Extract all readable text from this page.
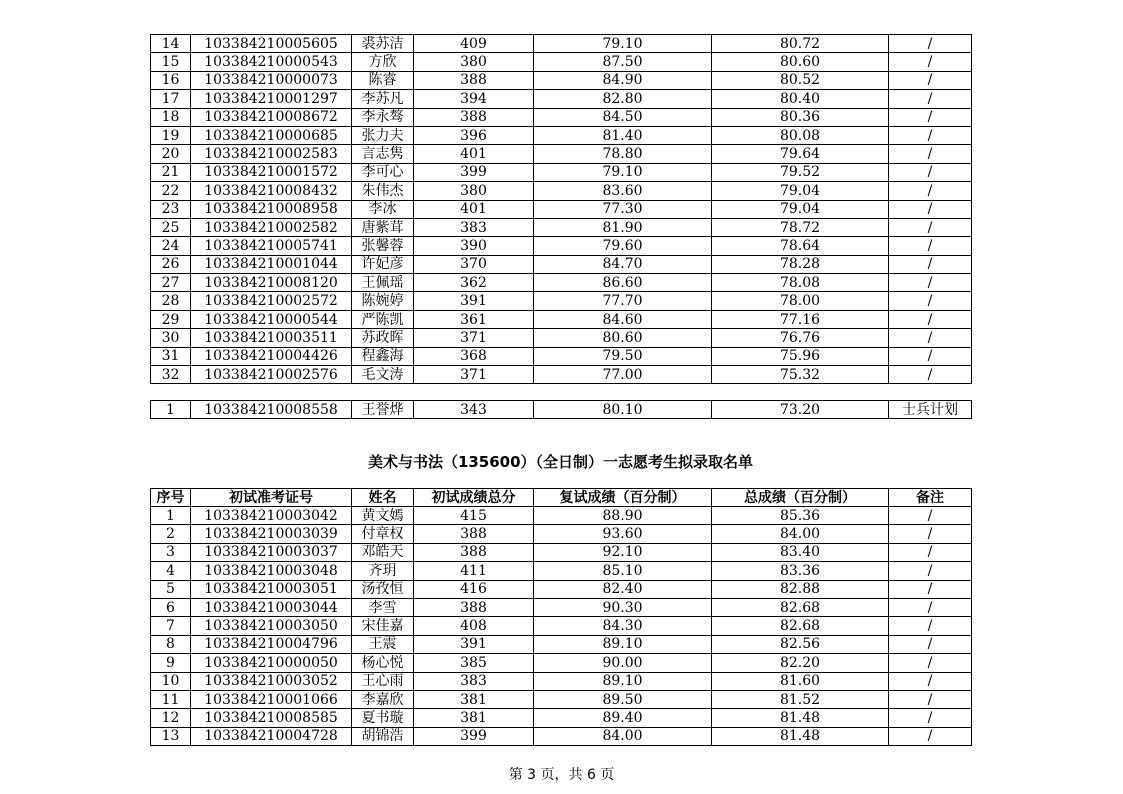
14	103384210005605	裘苏洁	409	79.10	80.72	/
15	103384210000543	方欣	380	87.50	80.60	/
16	103384210000073	陈睿	388	84.90	80.52	/
17	103384210001297	李苏凡	394	82.80	80.40	/
18	103384210008672	李永骜	388	84.50	80.36	/
19	103384210000685	张力夫	396	81.40	80.08	/
20	103384210002583	言志隽	401	78.80	79.64	/
21	103384210001572	李可心	399	79.10	79.52	/
22	103384210008432	朱伟杰	380	83.60	79.04	/
23	103384210008958	李冰	401	77.30	79.04	/
25	103384210002582	唐紫茸	383	81.90	78.72	/
24	103384210005741	张馨蓉	390	79.60	78.64	/
26	103384210001044	许妃彦	370	84.70	78.28	/
27	103384210008120	王佩瑶	362	86.60	78.08	/
28	103384210002572	陈婉婷	391	77.70	78.00	/
29	103384210000544	严陈凯	361	84.60	77.16	/
30	103384210003511	苏政晖	371	80.60	76.76	/
31	103384210004426	程鑫海	368	79.50	75.96	/
32	103384210002576	毛文涛	371	77.00	75.32	/
1	103384210008558	王誉烨	343	80.10	73.20	士兵计划
美术与书法（135600）（全日制）一志愿考生拟录取名单
序号	初试准考证号	姓名	初试成绩总分	复试成绩（百分制）	总成绩（百分制）	备注
1	103384210003042	黄文嫣	415	88.90	85.36	/
2	103384210003039	付章权	388	93.60	84.00	/
3	103384210003037	邓皓天	388	92.10	83.40	/
4	103384210003048	齐玥	411	85.10	83.36	/
5	103384210003051	汤孜恒	416	82.40	82.88	/
6	103384210003044	李雪	388	90.30	82.68	/
7	103384210003050	宋佳嘉	408	84.30	82.68	/
8	103384210004796	王震	391	89.10	82.56	/
9	103384210000050	杨心悦	385	90.00	82.20	/
10	103384210003052	王心雨	383	89.10	81.60	/
11	103384210001066	李嘉欣	381	89.50	81.52	/
12	103384210008585	夏书璇	381	89.40	81.48	/
13	103384210004728	胡锦浩	399	84.00	81.48	/
第 3 页，共 6 页
